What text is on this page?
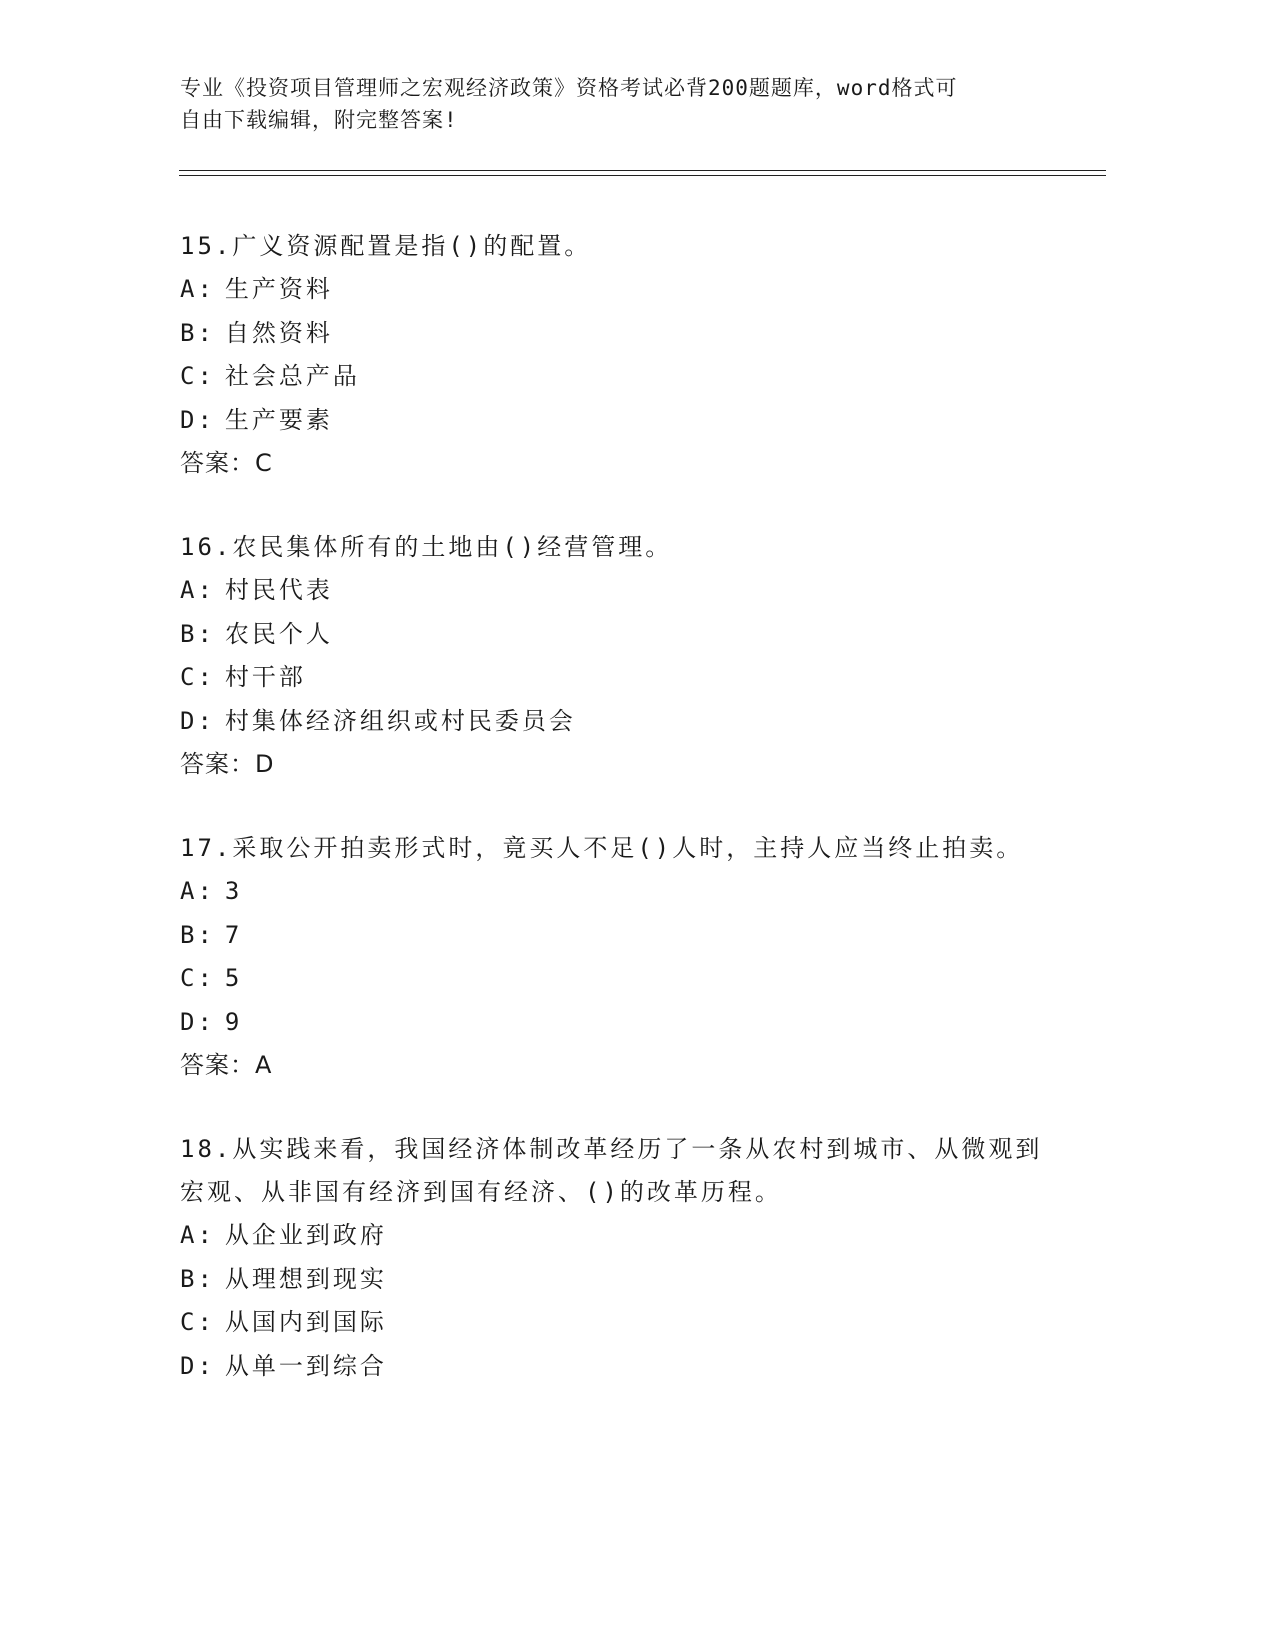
专业《投资项目管理师之宏观经济政策》资格考试必背200题题库，word格式可
自由下载编辑，附完整答案!
15.广义资源配置是指()的配置。
A: 生产资料
B: 自然资料
C: 社会总产品
D: 生产要素
答案：C
16.农民集体所有的土地由()经营管理。
A: 村民代表
B: 农民个人
C: 村干部
D: 村集体经济组织或村民委员会
答案：D
17.采取公开拍卖形式时，竟买人不足()人时，主持人应当终止拍卖。
A: 3
B: 7
C: 5
D: 9
答案：A
18.从实践来看，我国经济体制改革经历了一条从农村到城市、从微观到宏观、从非国有经济到国有经济、()的改革历程。
A: 从企业到政府
B: 从理想到现实
C: 从国内到国际
D: 从单一到综合
